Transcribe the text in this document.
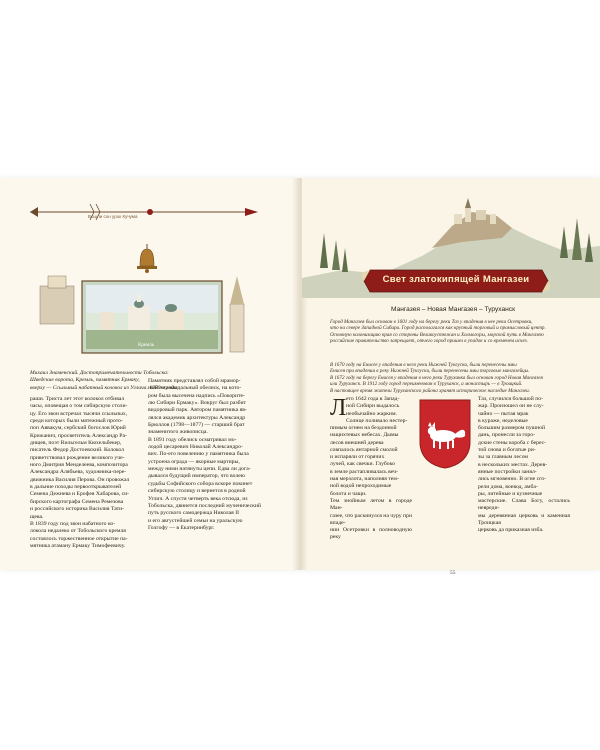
Вошли сон урок Кучума
Кремль
Михаил Знаменский. Достопримечательности Тобольска:
Шведские ворота, Кремль, памятник Ермаку,
вверху — Ссыльный набатный колокол из Углича. 1880-е годы

раши. Триста лет этот колокол отбивал
часы, оповещая о том сибирскую столи-
цу. Его звон встречал тысячи ссыльных,
среди которых были мятежный прото-
поп Аввакум, сербский богослов Юрий
Крижанич, просветитель Александр Ра-
дищев, поэт Вильгельм Кюхельбекер,
писатель Федор Достоевский. Колокол
приветствовал рождение великого уче-
ного Дмитрия Менделеева, композитора
Александра Алябьева, художника-пере-
движника Василия Перова. Он провожал
в дальние походы первооткрывателей
Семена Дежнева и Ерофея Хабарова, си-
бирского картографа Семена Ремезова
и российского историка Василия Тати-
щева.
В 1839 году под звон набатного ко-
локола недалеко от Тобольского кремля
состоялось торжественное открытие па-
мятника атаману Ермаку Тимофеевичу.

Памятник представлял собой мрамор-
ный пирамидальный обелиск, на кото-
ром была высечена надпись «Покорите-
лю Сибири Ермаку». Вокруг был разбит
видоровый парк. Автором памятника яв-
лялся академик архитектуры Александр
Брюллов (1798—1877) — старший брат
знаменитого живописца.
В 1891 году обелиск осматривал мо-
лодой цесаревич Николай Александро-
вич. По-его повелению у памятника была
устроена ограда — якорные мартиры,
между ними натянуты цепи. Едва ли дога-
дывался будущий император, что волею
судьбы Софийского собора вскоре покинет
сибирскую столицу и вернется в родной
Углич. А спустя четверть века отсюда, из
Тобольска, двинется последний мученический
путь русского самодержца Николая II
и его августейшей семьи на уральскую
Голгофу — в Екатеринбург.

Свет златокипящей Мангазеи
Мангазея – Новая Мангазея – Туруханск

Город Мангазея был основан в 1601 году на берегу реки Таз у впадения в нее реки Осетровки,
что на севере Западной Сибири. Город располагался как крупный торговый и промысловый центр.
Основную колонизацию края со стороны Великоустюжан и Холмогоры, морской путь в Мангазею
российские правительство запрещает, отчего город пришел в упадок и со временем исчез.

В 1670 году на Енисее у впадения в него реки Нижней Тунгуски, были перенесены ямы
Енисея при впадении в реку Нижней Тунгуски, были перенесены ямы торговые мангазейцы.
В 1672 году на берегу Енисея у впадения в него реки Туруханка был основан город Новая Мангазея
или Туруханск. В 1912 году город переименован в Туруханск, а монастырь — в Троицкий.
В настоящее время жители Туруханского района хранят историческое наследие Мангазеи.

Л ето 1642 года в Запад-
ной Сибири выдалось
необычайно жарким.
Солнце поливало нестер-

пимым огнем на бездонной
нащихтевых небесах. Дымы
лесов внешней дерева
совпалось янтарной смолой
и испаряли от горячих
лучей, как свечки. Глубоко
в земле растапливалась веч-
ная мерзлота, наполняя тем-
ной водой непроходимые
болота и чащи.
Тем знойным летом в городе Ман-
газее, что раскинулся на чуру при впаде-
нии Осетровки в полноводную реку

Таз, случился большой по-
жар. Произошел он не слу-
чайно — пытая мрак
в кураже, неделовые
большим размером пушной
дань, пронесли за горо-
дские стены короба с берес-
той снова и богатые ри-
зы за главным лесом
в нескольких местах. Дерев-
янные постройки занял-
лись мгновенно. В огне сго-
рели дома, воевод, амба-
ры, литейные и кузнечные
мастерские. Слава Богу, остались невреди-
мы деревянная церковь и каменная Троицкая
церковь да приказная изба.

55
